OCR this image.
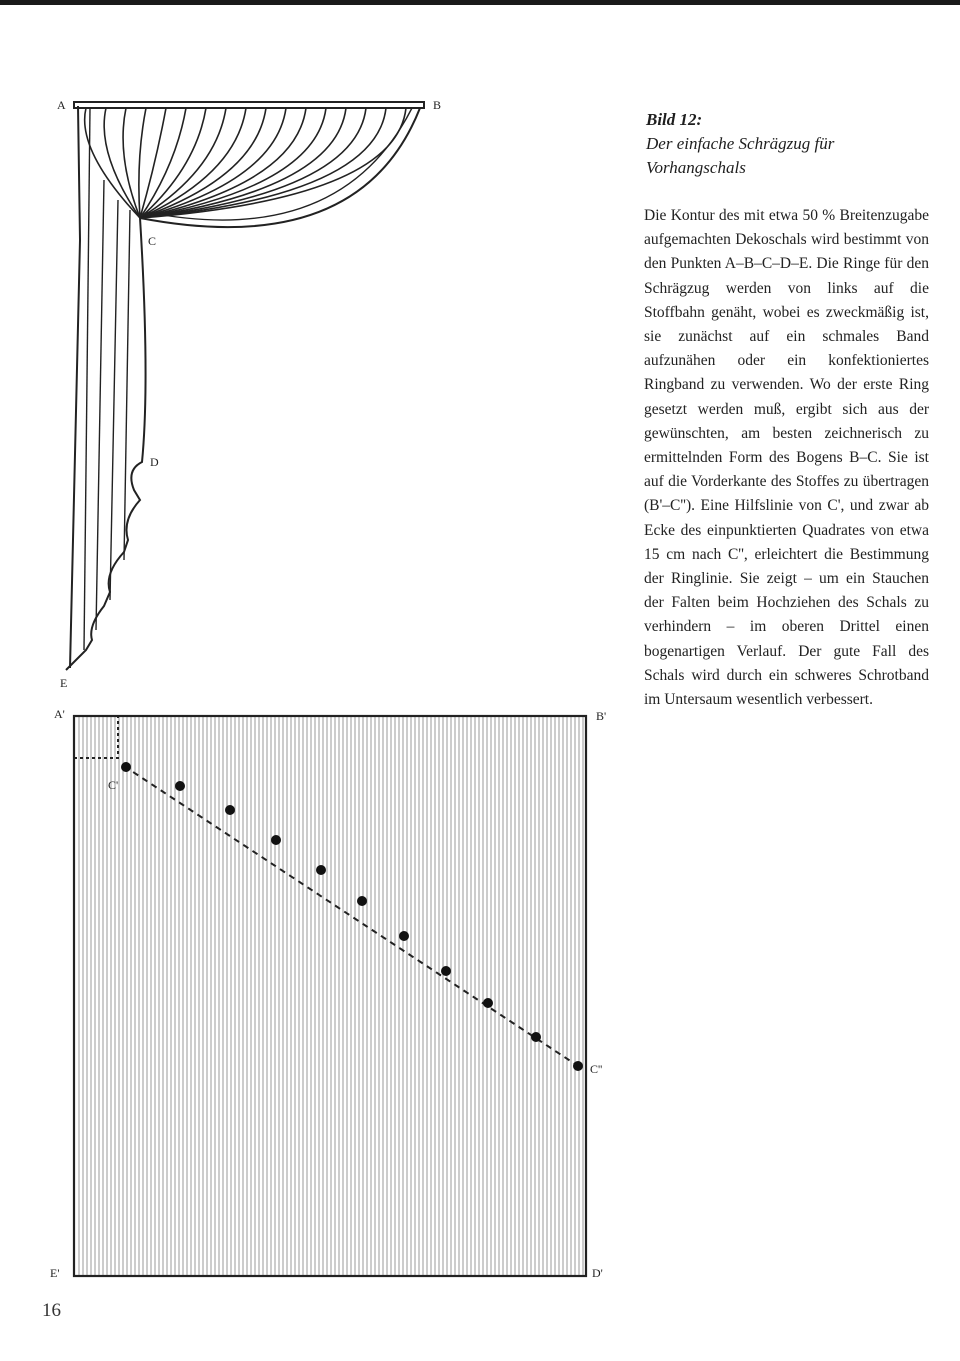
A	B
C
D
E
A'	B'
C'
C''
D'
E'
Bild 12:
Der einfache Schrägzug für Vorhangschals
Die Kontur des mit etwa 50 % Breitenzugabe aufgemachten Dekoschals wird bestimmt von den Punkten A–B–C–D–E. Die Ringe für den Schrägzug werden von links auf die Stoffbahn genäht, wobei es zweckmäßig ist, sie zunächst auf ein schmales Band aufzunähen oder ein konfektioniertes Ringband zu verwenden. Wo der erste Ring gesetzt werden muß, ergibt sich aus der gewünschten, am besten zeichnerisch zu ermittelnden Form des Bogens B–C. Sie ist auf die Vorderkante des Stoffes zu übertragen (B'–C''). Eine Hilfslinie von C', und zwar ab Ecke des einpunktierten Quadrates von etwa 15 cm nach C'', erleichtert die Bestimmung der Ringlinie. Sie zeigt – um ein Stauchen der Falten beim Hochziehen des Schals zu verhindern – im oberen Drittel einen bogenartigen Verlauf. Der gute Fall des Schals wird durch ein schweres Schrotband im Untersaum wesentlich verbessert.
16
